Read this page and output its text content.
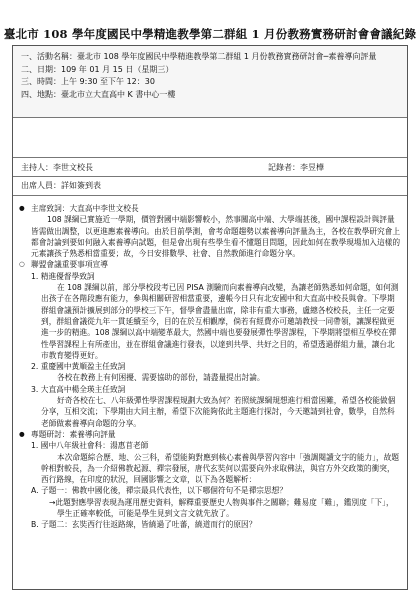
臺北市 108 學年度國民中學精進教學第二群組 1 月份教務實務研討會會議紀錄
一、活動名稱：臺北市 108 學年度國民中學精進教學第二群組 1 月份教務實務研討會─素養導向評量
二、日期：109 年 01 月 15 日（星期三）
三、時間：上午 9:30 至下午 12：30
四、地點：臺北市立大直高中 K 書中心一樓
主持人：李世文校長	記錄者：李昱樺
出席人員：詳如簽到表

● 主席致詞：大直高中李世文校長

108 課綱已實施近一學期，價管對國中端影響較小，然事關高中端、大學端甚後，國中課程設計與評量皆需做出調整，以更進應素養導向。由於目前學測，會考命題趨勢以素養導向評量為主，各校在教學研究會上都會討論到要如何融入素養導向試題，但是會出現有些學生看不懂題目問題，因此如何在教學現場加入這樣的元素讓孩子熟悉相當重要；故，今日安排數學、社會、自然教師進行命題分享。

○ 聯盟會議重要事項宣導

1. 精進優督學致詞

在 108 課綱以前，部分學校段考已因 PISA 測驗而向素養導向改變，為讓老師熟悉如何命題，如何測出孩子在各階段應有能力，參與相關研習相當重要，邊帳今日只有北安國中和大直高中校長與會。下學期群組會議預計擴展到部分的學校三下午，督學會盡量出席，除非有重大事務，盧總各校校長，主任一定要到，群組會議從九年一貫延續至今，目的在於互相觀摩，倘若有經費亦可邀請教授一同帶領，讓課程做更進一步的精進。108 課綱以高中端變革最大，然國中端也要發展彈性學習課程，下學期將望相互學校在彈性學習課程上有所產出，並在群組會議進行發表，以達到共學、共好之目的，希望透過群組力量，讓台北市教育變得更好。

2. 重慶國中黃順盈主任致詞

各校在教務上有何困擾、需要協助的部份，請盡量提出討論。

3. 大直高中楊全瑛主任致詞

好奇各校在七、八年級彈性學習課程規劃大致為何？若照統課綱規想進行相當困難，希望各校能做個分享，互相交流；下學期由大同主辦，希望下次能夠依此主題進行探討，今天邀請到社會，數學，自然科老師做素養導向命題的分享。

● 專題研討：素養導向評量

1. 國中八年級社會科：湯惠苜老師

本次命題綜合歷、地、公三科，希望能夠對應到核心素養與學習內容中「強調閱讀文字的能力」，故題幹相對較長，為一介紹佛教起源、禪宗發展，唐代玄奘何以需要向外求取佛法，與官方外交政策的衝突，西行路線，在印度的狀況，回國影響之文章，以下為各題解析：

A. 子題一：佛教中國化後，禪宗最具代表性，以下哪個符句不是禪宗思想？

→此題對應學習表現為運用歷史資料，解釋重要歷史人物與事件之關聯；難易度「難」，鑑別度「下」，學生正確率較低，可能是學生見到文言文就先放了。

B. 子題二：玄奘西行往返路線，皆繞過了吐蕃，繞道而行的原因？
